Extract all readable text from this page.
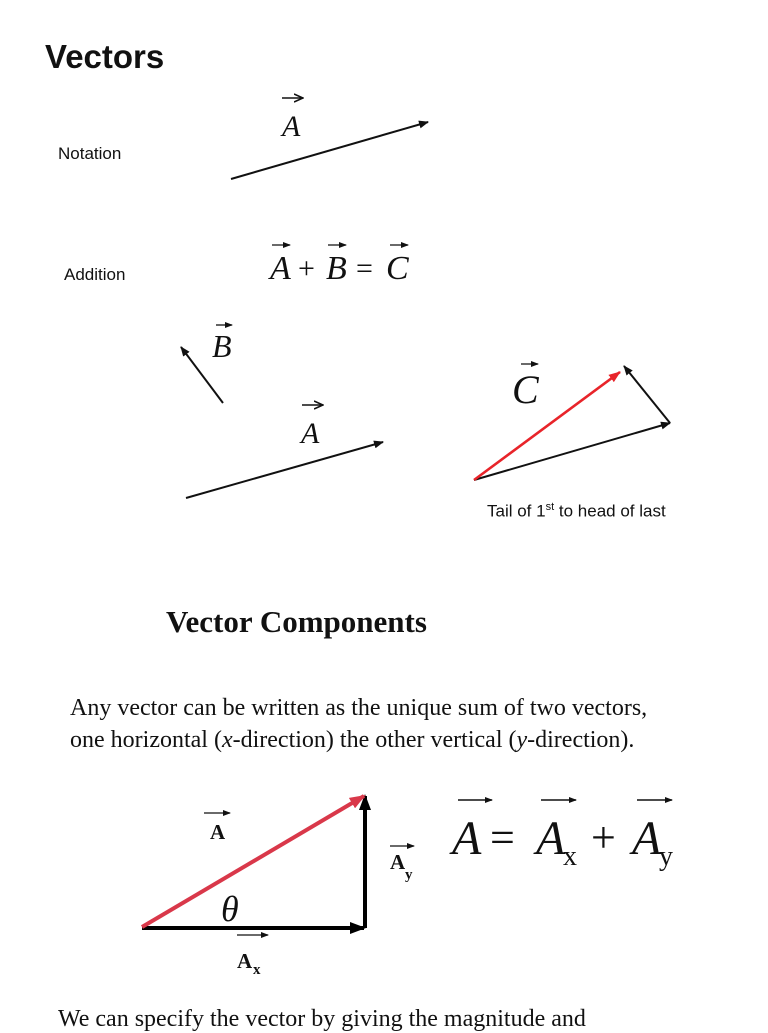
Vectors
Notation
Addition
A
A + B = C
B
A
C
θ
A
A x
A
y
A = A
x + A
y
Tail of 1st to head of last
Vector Components
Any vector can be written as the unique sum of two vectors,
one horizontal (x-direction) the other vertical (y-direction).
We can specify the vector by giving the magnitude and
